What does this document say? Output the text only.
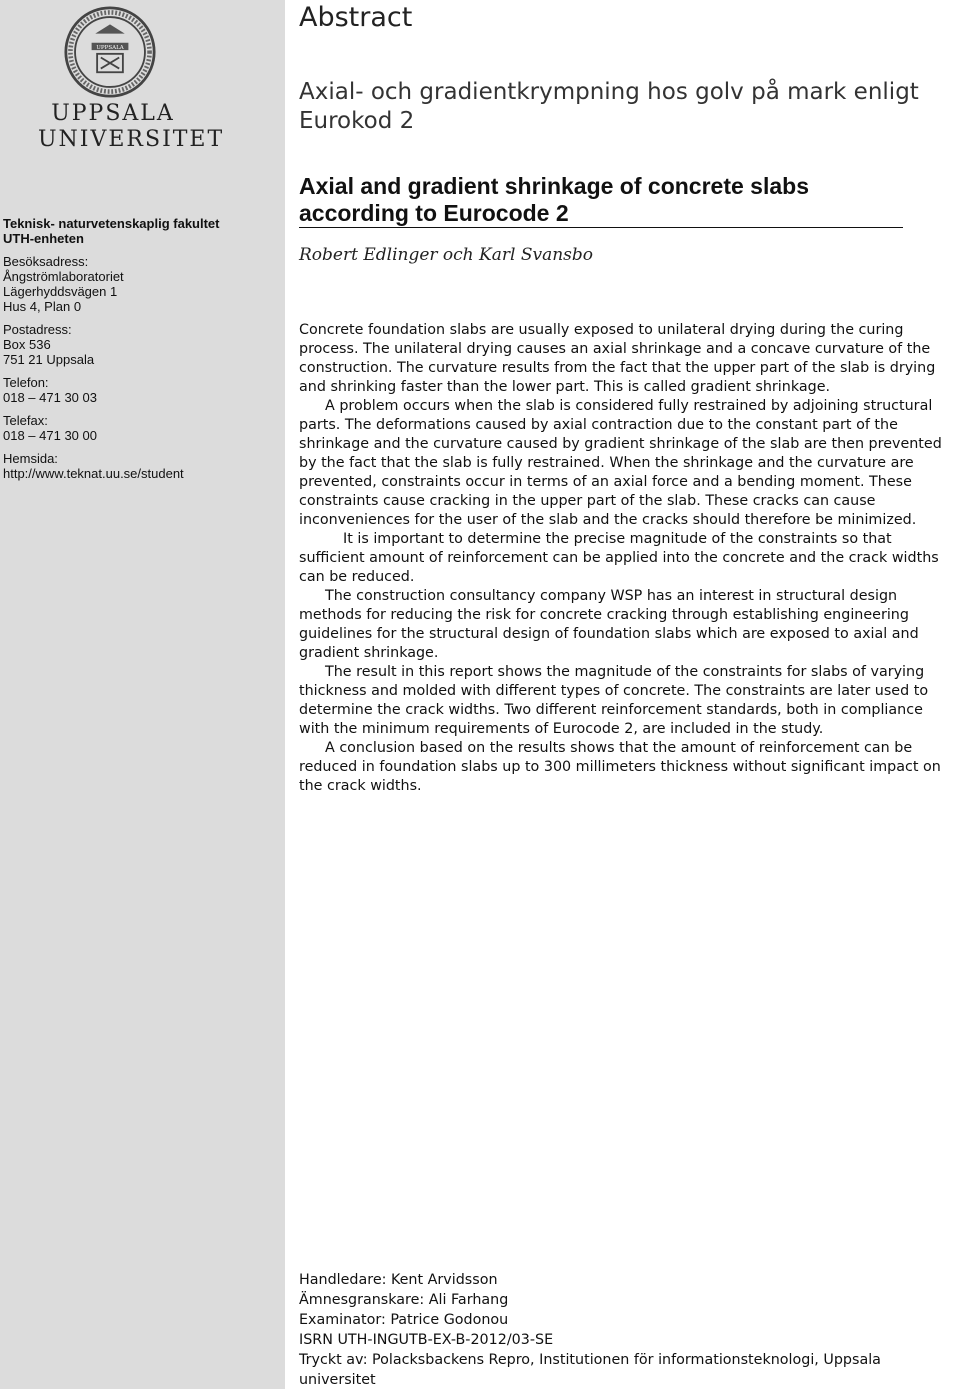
UPPSALA
UPPSALA
UNIVERSITET
Teknisk- naturvetenskaplig fakultet
UTH-enheten
Besöksadress:
Ångströmlaboratoriet
Lägerhyddsvägen 1
Hus 4, Plan 0
Postadress:
Box 536
751 21 Uppsala
Telefon:
018 – 471 30 03
Telefax:
018 – 471 30 00
Hemsida:
http://www.teknat.uu.se/student
Abstract
Axial- och gradientkrympning hos golv på mark enligt Eurokod 2
Axial and gradient shrinkage of concrete slabs according to Eurocode 2
Robert Edlinger och Karl Svansbo

Concrete foundation slabs are usually exposed to unilateral drying during the curing process. The unilateral drying causes an axial shrinkage and a concave curvature of the construction. The curvature results from the fact that the upper part of the slab is drying and shrinking faster than the lower part. This is called gradient shrinkage.

A problem occurs when the slab is considered fully restrained by adjoining structural parts. The deformations caused by axial contraction due to the constant part of the shrinkage and the curvature caused by gradient shrinkage of the slab are then prevented by the fact that the slab is fully restrained. When the shrinkage and the curvature are prevented, constraints occur in terms of an axial force and a bending moment. These constraints cause cracking in the upper part of the slab. These cracks can cause inconveniences for the user of the slab and the cracks should therefore be minimized.

It is important to determine the precise magnitude of the constraints so that sufficient amount of reinforcement can be applied into the concrete and the crack widths can be reduced.

The construction consultancy company WSP has an interest in structural design methods for reducing the risk for concrete cracking through establishing engineering guidelines for the structural design of foundation slabs which are exposed to axial and gradient shrinkage.

The result in this report shows the magnitude of the constraints for slabs of varying thickness and molded with different types of concrete. The constraints are later used to determine the crack widths. Two different reinforcement standards, both in compliance with the minimum requirements of Eurocode 2, are included in the study.

A conclusion based on the results shows that the amount of reinforcement can be reduced in foundation slabs up to 300 millimeters thickness without significant impact on the crack widths.

Handledare: Kent Arvidsson
Ämnesgranskare: Ali Farhang
Examinator: Patrice Godonou
ISRN UTH-INGUTB-EX-B-2012/03-SE
Tryckt av: Polacksbackens Repro, Institutionen för informationsteknologi, Uppsala universitet
